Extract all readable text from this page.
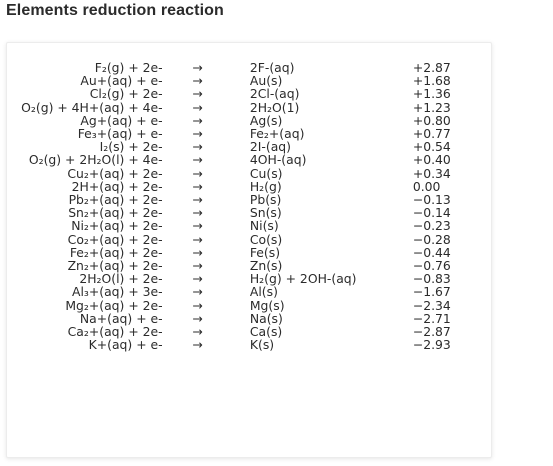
Elements reduction reaction
F₂(g) + 2e-	→	2F-(aq)	+2.87
Au+(aq) + e-	→	Au(s)	+1.68
Cl₂(g) + 2e-	→	2Cl-(aq)	+1.36
O₂(g) + 4H+(aq) + 4e-	→	2H₂O(1)	+1.23
Ag+(aq) + e-	→	Ag(s)	+0.80
Fe₃+(aq) + e-	→	Fe₂+(aq)	+0.77
I₂(s) + 2e-	→	2I-(aq)	+0.54
O₂(g) + 2H₂O(l) + 4e-	→	4OH-(aq)	+0.40
Cu₂+(aq) + 2e-	→	Cu(s)	+0.34
2H+(aq) + 2e-	→	H₂(g)	0.00
Pb₂+(aq) + 2e-	→	Pb(s)	−0.13
Sn₂+(aq) + 2e-	→	Sn(s)	−0.14
Ni₂+(aq) + 2e-	→	Ni(s)	−0.23
Co₂+(aq) + 2e-	→	Co(s)	−0.28
Fe₂+(aq) + 2e-	→	Fe(s)	−0.44
Zn₂+(aq) + 2e-	→	Zn(s)	−0.76
2H₂O(l) + 2e-	→	H₂(g) + 2OH-(aq)	−0.83
Al₃+(aq) + 3e-	→	Al(s)	−1.67
Mg₂+(aq) + 2e-	→	Mg(s)	−2.34
Na+(aq) + e-	→	Na(s)	−2.71
Ca₂+(aq) + 2e-	→	Ca(s)	−2.87
K+(aq) + e-	→	K(s)	−2.93
